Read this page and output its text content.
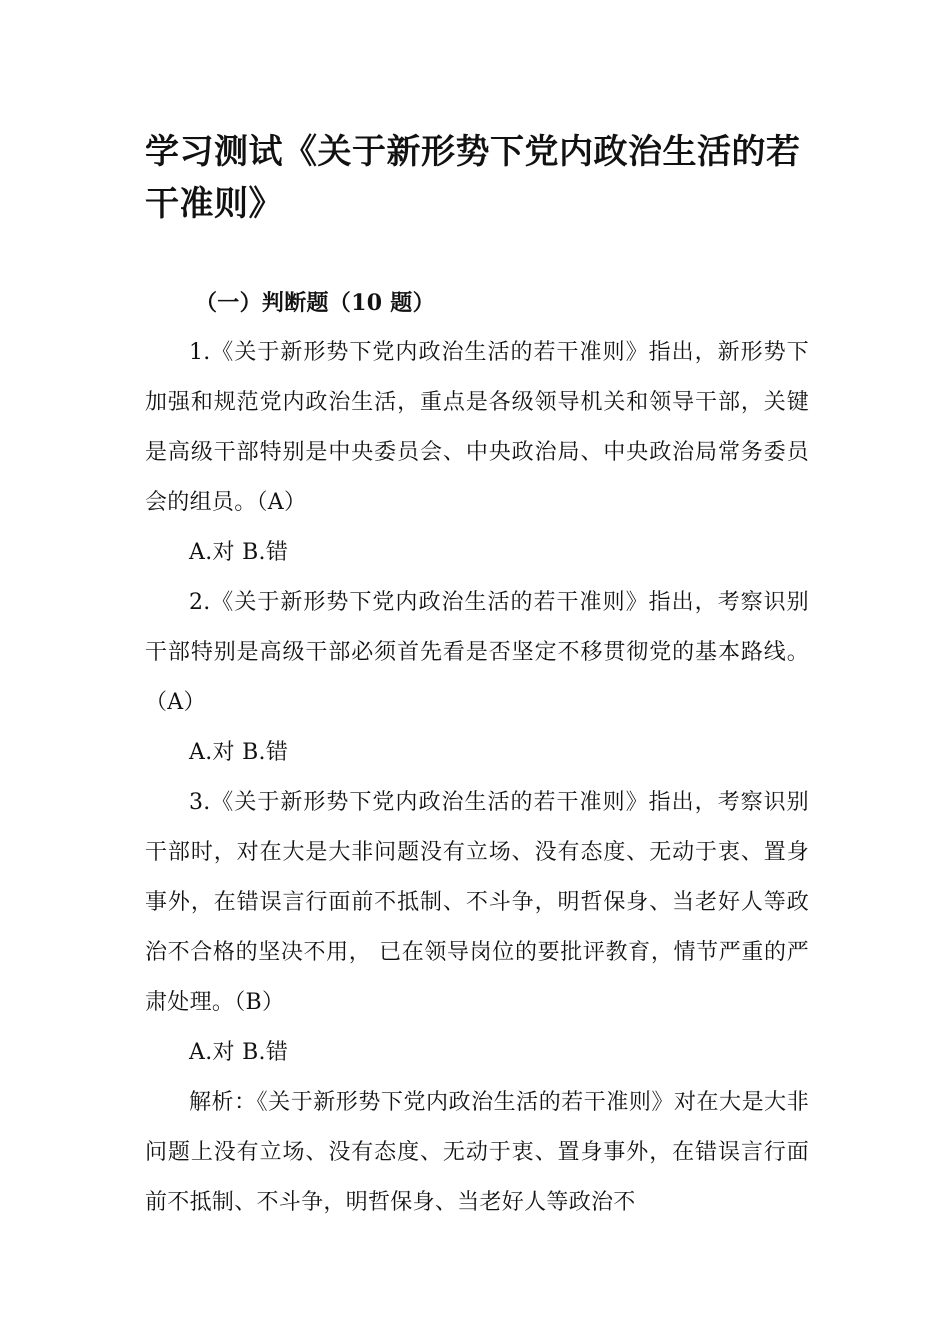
学习测试《关于新形势下党内政治生活的若干准则》

（一）判断题（10 题）

1.《关于新形势下党内政治生活的若干准则》指出，新形势下加强和规范党内政治生活，重点是各级领导机关和领导干部，关键是高级干部特别是中央委员会、中央政治局、中央政治局常务委员会的组员。（A）

A.对 B.错

2.《关于新形势下党内政治生活的若干准则》指出，考察识别干部特别是高级干部必须首先看是否坚定不移贯彻党的基本路线。（A）

A.对 B.错

3.《关于新形势下党内政治生活的若干准则》指出，考察识别干部时，对在大是大非问题没有立场、没有态度、无动于衷、置身事外，在错误言行面前不抵制、不斗争，明哲保身、当老好人等政治不合格的坚决不用， 已在领导岗位的要批评教育，情节严重的严肃处理。（B）

A.对 B.错

解析：《关于新形势下党内政治生活的若干准则》对在大是大非问题上没有立场、没有态度、无动于衷、置身事外，在错误言行面前不抵制、不斗争，明哲保身、当老好人等政治不
